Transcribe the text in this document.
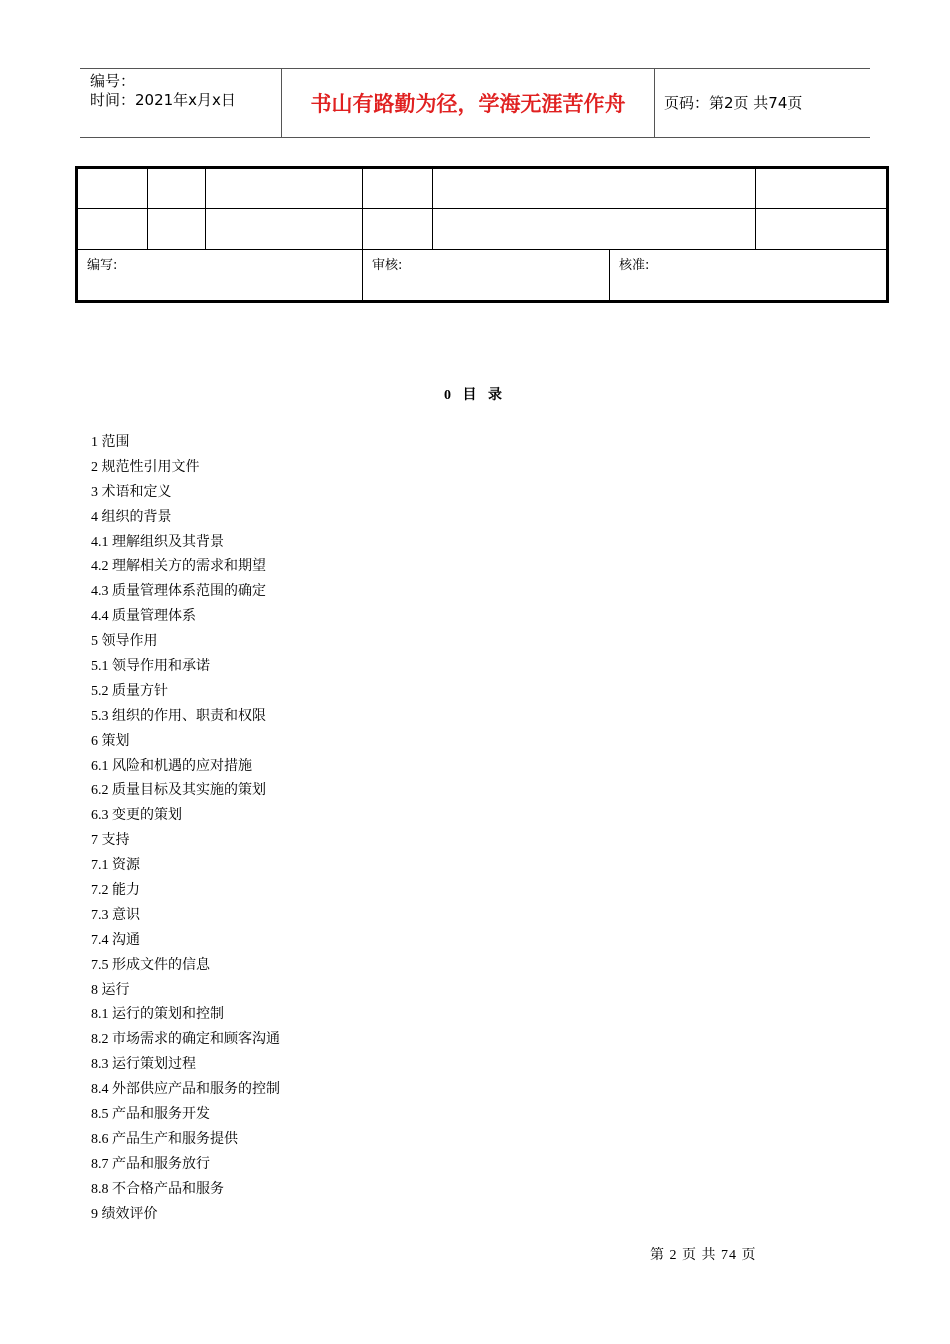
编号：
时间：2021年x月x日	书山有路勤为径，学海无涯苦作舟	页码：第2页 共74页
编写:	审核:	核准:
0 目 录
1 范围
2 规范性引用文件
3 术语和定义
4 组织的背景
4.1 理解组织及其背景
4.2 理解相关方的需求和期望
4.3 质量管理体系范围的确定
4.4 质量管理体系
5 领导作用
5.1 领导作用和承诺
5.2 质量方针
5.3 组织的作用、职责和权限
6 策划
6.1 风险和机遇的应对措施
6.2 质量目标及其实施的策划
6.3 变更的策划
7 支持
7.1 资源
7.2 能力
7.3 意识
7.4 沟通
7.5 形成文件的信息
8 运行
8.1 运行的策划和控制
8.2 市场需求的确定和顾客沟通
8.3 运行策划过程
8.4 外部供应产品和服务的控制
8.5 产品和服务开发
8.6 产品生产和服务提供
8.7 产品和服务放行
8.8 不合格产品和服务
9 绩效评价
第 2 页 共 74 页
